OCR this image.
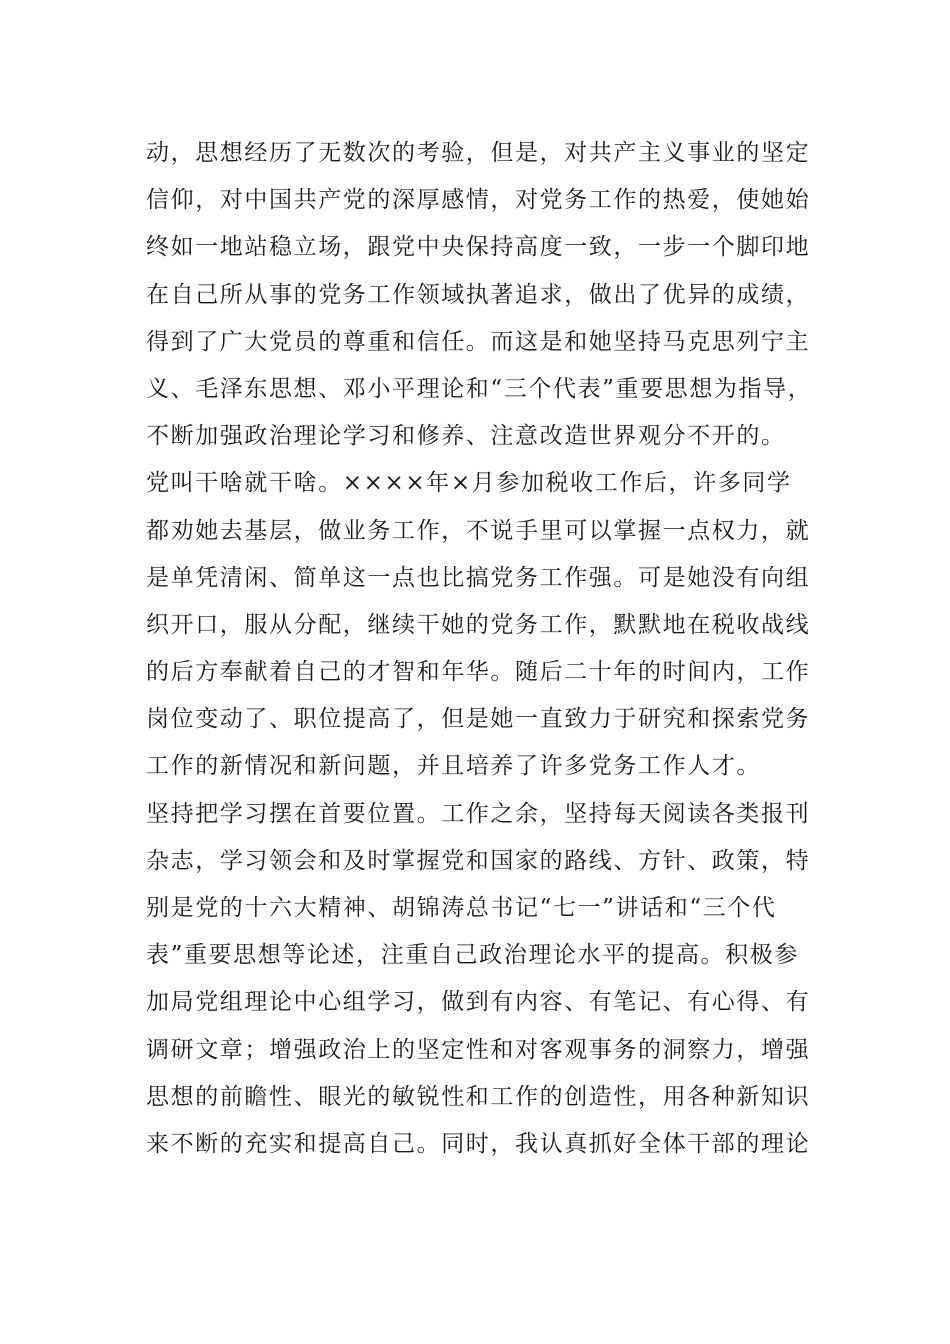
动，思想经历了无数次的考验，但是，对共产主义事业的坚定
信仰，对中国共产党的深厚感情，对党务工作的热爱，使她始
终如一地站稳立场，跟党中央保持高度一致，一步一个脚印地
在自己所从事的党务工作领域执著追求，做出了优异的成绩，
得到了广大党员的尊重和信任。而这是和她坚持马克思列宁主
义、毛泽东思想、邓小平理论和“三个代表”重要思想为指导，
不断加强政治理论学习和修养、注意改造世界观分不开的。
党叫干啥就干啥。××××年×月参加税收工作后，许多同学
都劝她去基层，做业务工作，不说手里可以掌握一点权力，就
是单凭清闲、简单这一点也比搞党务工作强。可是她没有向组
织开口，服从分配，继续干她的党务工作，默默地在税收战线
的后方奉献着自己的才智和年华。随后二十年的时间内，工作
岗位变动了、职位提高了，但是她一直致力于研究和探索党务
工作的新情况和新问题，并且培养了许多党务工作人才。
坚持把学习摆在首要位置。工作之余，坚持每天阅读各类报刊
杂志，学习领会和及时掌握党和国家的路线、方针、政策，特
别是党的十六大精神、胡锦涛总书记“七一”讲话和“三个代
表”重要思想等论述，注重自己政治理论水平的提高。积极参
加局党组理论中心组学习，做到有内容、有笔记、有心得、有
调研文章；增强政治上的坚定性和对客观事务的洞察力，增强
思想的前瞻性、眼光的敏锐性和工作的创造性，用各种新知识
来不断的充实和提高自己。同时，我认真抓好全体干部的理论
